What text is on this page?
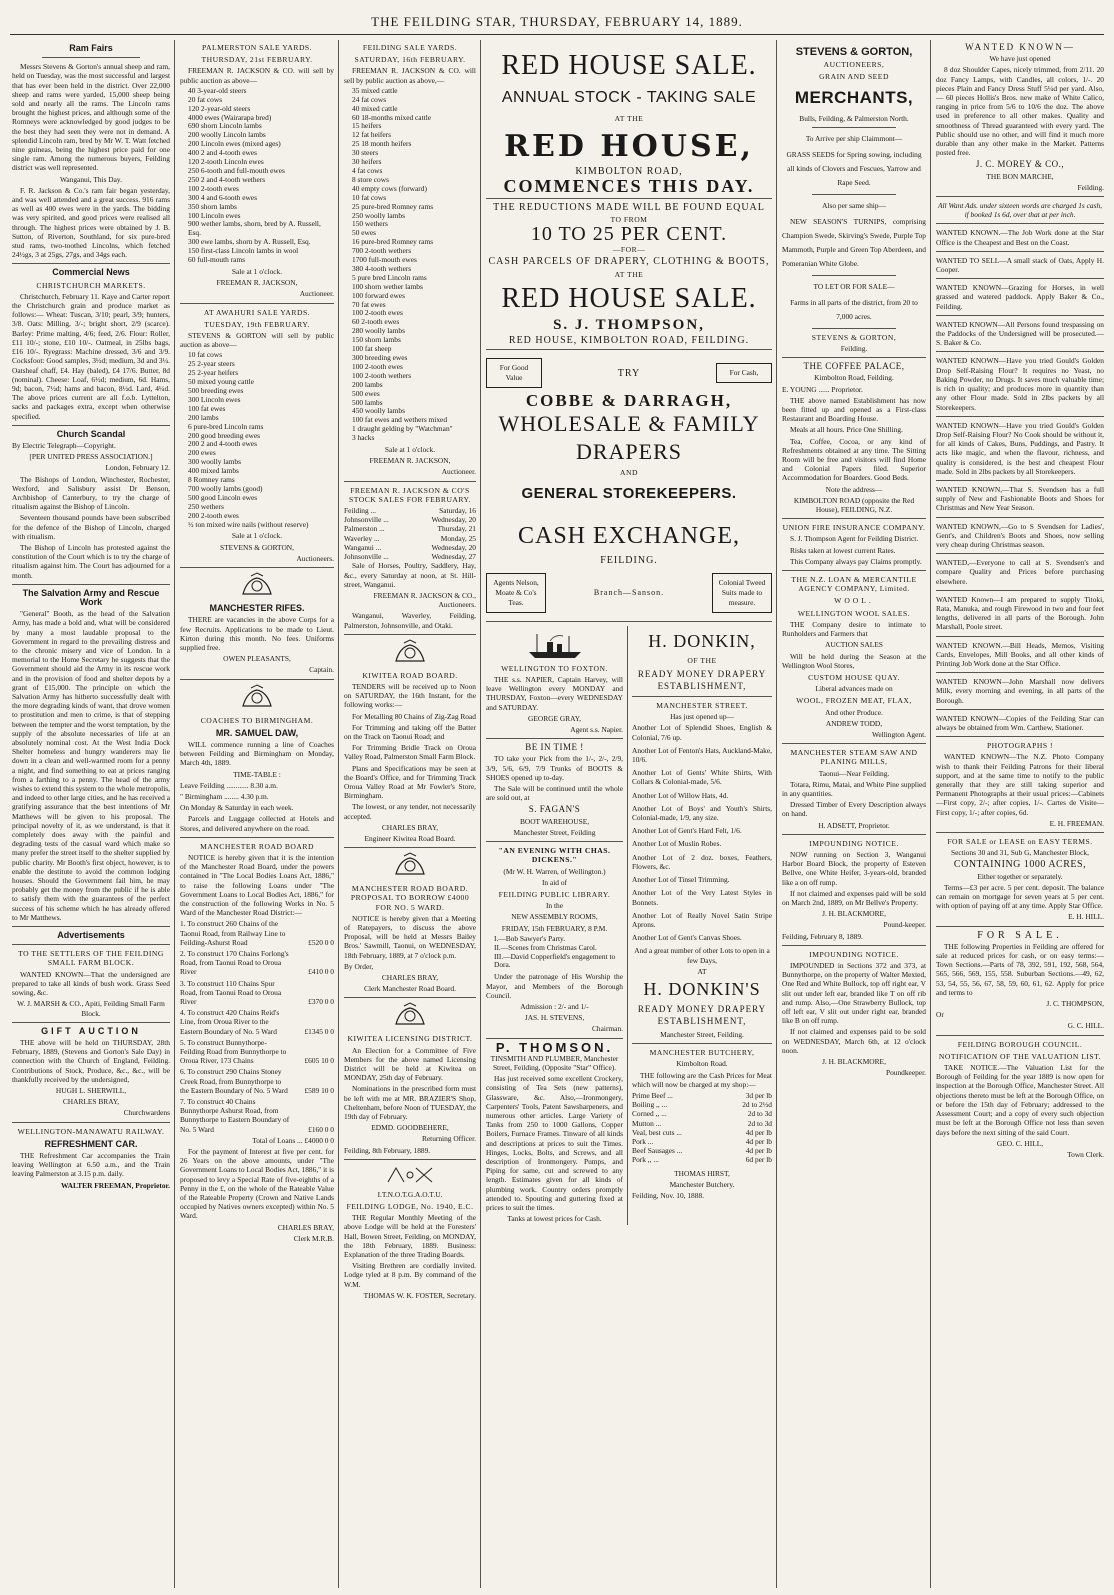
THE FEILDING STAR, THURSDAY, FEBRUARY 14, 1889.
Ram Fairs

Messrs Stevens & Gorton's annual sheep and ram, held on Tuesday, was the most successful and largest that has ever been held in the district. Over 22,000 sheep and rams were yarded, 15,000 sheep being sold and nearly all the rams. The Lincoln rams brought the highest prices, and although some of the Romneys were acknowledged by good judges to be the best they had seen they were not in demand. A splendid Lincoln ram, bred by Mr W. T. Watt fetched nine guineas, being the highest price paid for one single ram. Among the numerous buyers, Feilding district was well represented.

Wanganui, This Day.

F. R. Jackson & Co.'s ram fair began yesterday, and was well attended and a great success. 916 rams as well as 400 ewes were in the yards. The bidding was very spirited, and good prices were realised all through. The highest prices were obtained by J. B. Sutton, of Riverton, Southland, for six pure-bred stud rams, two-toothed Lincolns, which fetched 24½gs, 3 at 25gs, 27gs, and 34gs each.

Commercial News
CHRISTCHURCH MARKETS.

Christchurch, February 11. Kaye and Carter report the Christchurch grain and produce market as follows:— Wheat: Tuscan, 3/10; pearl, 3/9; hunters, 3/8. Oats: Milling, 3/-; bright short, 2/9 (scarce). Barley: Prime malting, 4/6; feed, 2/6. Flour: Roller, £11 10/-; stone, £10 10/-. Oatmeal, in 25lbs bags, £16 10/-. Ryegrass: Machine dressed, 3/6 and 3/9. Cocksfoot: Good samples, 3½d; medium, 3d and 3¼. Oatsheaf chaff, £4. Hay (baled), £4 17/6. Butter, 8d (nominal). Cheese: Loaf, 6½d; medium, 6d. Hams, 9d; bacon, 7½d; hams and bacon, 8½d. Lard, 4¼d. The above prices current are all f.o.b. Lyttelton, sacks and packages extra, except when otherwise specified.

Church Scandal

By Electric Telegraph—Copyright.

[PER UNITED PRESS ASSOCIATION.]

London, February 12.

The Bishops of London, Winchester, Rochester, Wexford, and Salisbury assist Dr Benson, Archbishop of Canterbury, to try the charge of ritualism against the Bishop of Lincoln.

Seventeen thousand pounds have been subscribed for the defence of the Bishop of Lincoln, charged with ritualism.

The Bishop of Lincoln has protested against the constitution of the Court which is to try the charge of ritualism against him. The Court has adjourned for a month.

The Salvation Army and Rescue Work

"General" Booth, as the head of the Salvation Army, has made a bold and, what will be considered by many a most laudable proposal to the Government in regard to the prevailing distress and to the chronic misery and vice of London. In a memorial to the Home Secretary he suggests that the Government should aid the Army in its rescue work and in the provision of food and shelter depots by a grant of £15,000. The principle on which the Salvation Army has hitherto successfully dealt with the more degrading kinds of want, that drove women to prostitution and men to crime, is that of stepping between the tempter and the worst temptation, by the supply of the absolute necessaries of life at an absolutely nominal cost. At the West India Dock Shelter homeless and hungry wanderers may lie down in a clean and well-warmed room for a penny a night, and find something to eat at prices ranging from a farthing to a penny. The head of the army wishes to extend this system to the whole metropolis, and indeed to other large cities, and he has received a gratifying assurance that the best intentions of Mr Matthews will be given to his proposal. The principal novelty of it, as we understand, is that it completely does away with the painful and degrading tests of the casual ward which make so many prefer the street itself to the shelter supplied by public charity. Mr Booth's first object, however, is to enable the destitute to avoid the common lodging houses. Should the Government fail him, he may probably get the money from the public if he is able to satisfy them with the guarantees of the perfect success of his scheme which he has already offered to Mr Matthews.

Advertisements
TO THE SETTLERS OF THE FEILDING SMALL FARM BLOCK.

WANTED KNOWN—That the undersigned are prepared to take all kinds of bush work. Grass Seed sowing, &c.

W. J. MARSH & CO., Apiti, Feilding Small Farm Block.

GIFT AUCTION

THE above will be held on THURSDAY, 28th February, 1889, (Stevens and Gorton's Sale Day) in connection with the Church of England, Feilding. Contributions of Stock, Produce, &c., &c., will be thankfully received by the undersigned,

HUGH L. SHERWILL,

CHARLES BRAY,

Churchwardens

WELLINGTON-MANAWATU RAILWAY.
REFRESHMENT CAR.

THE Refreshment Car accompanies the Train leaving Wellington at 6.50 a.m., and the Train leaving Palmerston at 3.15 p.m. daily.

WALTER FREEMAN, Proprietor.

PALMERSTON SALE YARDS.
THURSDAY, 21st FEBRUARY.

FREEMAN R. JACKSON & CO. will sell by public auction as above—

40 3-year-old steers
20 fat cows
120 2-year-old steers
4000 ewes (Wairarapa bred)
690 shorn Lincoln lambs
200 woolly Lincoln lambs
200 Lincoln ewes (mixed ages)
400 2 and 4-tooth ewes
120 2-tooth Lincoln ewes
250 6-tooth and full-mouth ewes
250 2 and 4-tooth wethers
100 2-tooth ewes
300 4 and 6-tooth ewes
350 shorn lambs
100 Lincoln ewes
900 wether lambs, shorn, bred by A. Russell, Esq.
300 ewe lambs, shorn by A. Russell, Esq.
150 first-class Lincoln lambs in wool
60 full-mouth rams

Sale at 1 o'clock.

FREEMAN R. JACKSON,

Auctioneer.

AT AWAHURI SALE YARDS.
TUESDAY, 19th FEBRUARY.

STEVENS & GORTON will sell by public auction as above—

10 fat cows
25 2-year steers
25 2-year heifers
50 mixed young cattle
500 breeding ewes
300 Lincoln ewes
100 fat ewes
200 lambs
6 pure-bred Lincoln rams
200 good breeding ewes
200 2 and 4-tooth ewes
200 ewes
300 woolly lambs
400 mixed lambs
8 Romney rams
700 woolly lambs (good)
500 good Lincoln ewes
250 wethers
200 2-tooth ewes
½ ton mixed wire nails (without reserve)

Sale at 1 o'clock.

STEVENS & GORTON,

Auctioneers.

MANCHESTER RIFES.

THERE are vacancies in the above Corps for a few Recruits. Applications to be made to Lieut. Kirton during this month. No fees. Uniforms supplied free.

OWEN PLEASANTS,

Captain.

COACHES TO BIRMINGHAM.
MR. SAMUEL DAW,

WILL commence running a line of Coaches between Feilding and Birmingham on Monday, March 4th, 1889.

TIME-TABLE :

Leave Feilding ............ 8.30 a.m.

" Birmingham ........ 4.30 p.m.

On Monday & Saturday in each week.

Parcels and Luggage collected at Hotels and Stores, and delivered anywhere on the road.

MANCHESTER ROAD BOARD

NOTICE is hereby given that it is the intention of the Manchester Road Board, under the powers contained in "The Local Bodies Loans Act, 1886," to raise the following Loans under "The Government Loans to Local Bodies Act, 1886," for the construction of the following Works in No. 5 Ward of the Manchester Road District:—

1. To construct 260 Chains of the Taonui Road, from Railway Line to Feilding-Ashurst Road	£520 0 0
2. To construct 170 Chains Forlong's Road, from Taonui Road to Oroua River	£410 0 0
3. To construct 110 Chains Spur Road, from Taonui Road to Oroua River	£370 0 0
4. To construct 420 Chains Reid's Line, from Oroua River to the Eastern Boundary of No. 5 Ward	£1345 0 0
5. To construct Bunnythorpe-Feilding Road from Bunnythorpe to Oroua River, 173 Chains	£605 10 0
6. To construct 290 Chains Stoney Creek Road, from Bunnythorpe to the Eastern Boundary of No. 5 Ward £589 10 0
7. To construct 40 Chains Bunnythorpe Ashurst Road, from Bunnythorpe to Eastern Boundary of No. 5 Ward	£160 0 0

Total of Loans ... £4000 0 0

For the payment of Interest at five per cent. for 26 Years on the above amounts, under "The Government Loans to Local Bodies Act, 1886," it is proposed to levy a Special Rate of five-eighths of a Penny in the £, on the whole of the Rateable Value of the Rateable Property (Crown and Native Lands occupied by Natives owners excepted) within No. 5 Ward.

CHARLES BRAY,

Clerk M.R.B.

FEILDING SALE YARDS.
SATURDAY, 16th FEBRUARY.

FREEMAN R. JACKSON & CO. will sell by public auction as above,—

35 mixed cattle
24 fat cows
40 mixed cattle
60 18-months mixed cattle
15 heifers
12 fat heifers
25 18 month heifers
30 steers
30 heifers
4 fat cows
8 store cows
40 empty cows (forward)
10 fat cows
25 pure-bred Romney rams
250 woolly lambs
150 wethers
50 ewes
16 pure-bred Romney rams
700 2-tooth wethers
1700 full-mouth ewes
380 4-tooth wethers
5 pure bred Lincoln rams
100 shorn wether lambs
100 forward ewes
70 fat ewes
100 2-tooth ewes
60 2-tooth ewes
280 woolly lambs
150 shorn lambs
100 fat sheep
300 breeding ewes
100 2-tooth ewes
100 2-tooth wethers
200 lambs
500 ewes
500 lambs
450 woolly lambs
100 fat ewes and wethers mixed
1 draught gelding by "Watchman"
3 hacks

Sale at 1 o'clock.

FREEMAN R. JACKSON,

Auctioneer.

FREEMAN R. JACKSON & CO'S STOCK SALES FOR FEBRUARY.
Feilding ...	Saturday, 16
Johnsonville ...	Wednesday, 20
Palmerston ...	Thursday, 21
Waverley ...	Monday, 25
Wanganui ...	Wednesday, 20
Johnsonville ...	Wednesday, 27

Sale of Horses, Poultry, Saddlery, Hay, &c., every Saturday at noon, at St. Hill-street, Wanganui.

FREEMAN R. JACKSON & CO., Auctioneers.

Wanganui, Waverley, Feilding, Palmerston, Johnsonville, and Otaki.

KIWITEA ROAD BOARD.

TENDERS will be received up to Noon on SATURDAY, the 16th Instant, for the following works:—

For Metalling 80 Chains of Zig-Zag Road

For Trimming and taking off the Batter on the Track on Taonui Road; and

For Trimming Bridle Track on Oroua Valley Road, Palmerston Small Farm Block.

Plans and Specifications may be seen at the Board's Office, and for Trimming Track Oroua Valley Road at Mr Fowler's Store, Birmingham.

The lowest, or any tender, not necessarily accepted.

CHARLES BRAY,

Engineer Kiwitea Road Board.

MANCHESTER ROAD BOARD. PROPOSAL TO BORROW £4000 FOR NO. 5 WARD.

NOTICE is hereby given that a Meeting of Ratepayers, to discuss the above Proposal, will be held at Messrs Bailey Bros.' Sawmill, Taonui, on WEDNESDAY, 18th February, 1889, at 7 o'clock p.m.

By Order,

CHARLES BRAY,

Clerk Manchester Road Board.

KIWITEA LICENSING DISTRICT.

An Election for a Committee of Five Members for the above named Licensing District will be held at Kiwitea on MONDAY, 25th day of February.

Nominations in the prescribed form must be left with me at MR. BRAZIER'S Shop, Cheltenham, before Noon of TUESDAY, the 19th day of February.

EDMD. GOODBEHERE,

Returning Officer.

Feilding, 8th February, 1889.

I.T.N.O.T.G.A.O.T.U.

FEILDING LODGE, No. 1940, E.C.

THE Regular Monthly Meeting of the above Lodge will be held at the Foresters' Hall, Bowen Street, Feilding, on MONDAY, the 18th February, 1889. Business: Explanation of the three Trading Boards.

Visiting Brethren are cordially invited. Lodge tyled at 8 p.m. By command of the W.M.

THOMAS W. K. FOSTER, Secretary.

RED HOUSE SALE.
ANNUAL STOCK - TAKING SALE
AT THE
RED HOUSE,
KIMBOLTON ROAD,
COMMENCES THIS DAY.
THE REDUCTIONS MADE WILL BE FOUND EQUAL
TO FROM
10 TO 25 PER CENT.
—FOR—
CASH PARCELS OF DRAPERY, CLOTHING & BOOTS,
AT THE
RED HOUSE SALE.
S. J. THOMPSON,
RED HOUSE, KIMBOLTON ROAD, FEILDING.
For Good Value	TRY	For Cash,
COBBE & DARRAGH,
WHOLESALE & FAMILY
DRAPERS
AND
GENERAL STOREKEEPERS.
CASH EXCHANGE,
FEILDING.
Agents Nelson, Moate & Co's Teas.
Branch—Sanson.
Colonial Tweed Suits made to measure.
WELLINGTON TO FOXTON.

THE s.s. NAPIER, Captain Harvey, will leave Wellington every MONDAY and THURSDAY, Foxton—every WEDNESDAY and SATURDAY.

GEORGE GRAY,

Agent s.s. Napier.

BE IN TIME !

TO take your Pick from the 1/-, 2/-, 2/9, 3/9, 5/6, 6/9, 7/9 Trunks of BOOTS & SHOES opened up to-day.

The Sale will be continued until the whole are sold out, at

S. FAGAN'S

BOOT WAREHOUSE,

Manchester Street, Feilding

"AN EVENING WITH CHAS. DICKENS."

(Mr W. H. Warren, of Wellington.)

In aid of

FEILDING PUBLIC LIBRARY.

In the

NEW ASSEMBLY ROOMS,

FRIDAY, 15th FEBRUARY, 8 P.M.

I.—Bob Sawyer's Party.
II.—Scenes from Christmas Carol.
III.—David Copperfield's engagement to Dora.

Under the patronage of His Worship the Mayor, and Members of the Borough Council.

Admission : 2/- and 1/-

JAS. H. STEVENS,

Chairman.

P. THOMSON.

TINSMITH AND PLUMBER, Manchester Street, Feilding, (Opposite "Star" Office).

Has just received some excellent Crockery, consisting of Tea Sets (new patterns), Glassware, &c. Also,—Ironmongery, Carpenters' Tools, Patent Sawsharpeners, and numerous other articles. Large Variety of Tanks from 250 to 1000 Gallons, Copper Boilers, Furnace Frames. Tinware of all kinds and descriptions at prices to suit the Times. Hinges, Locks, Bolts, and Screws, and all description of Ironmongery. Pumps, and Piping for same, cut and screwed to any length. Estimates given for all kinds of plumbing work. Country orders promptly attended to. Spouting and guttering fixed at prices to suit the times.

Tanks at lowest prices for Cash.

H. DONKIN,
OF THE
READY MONEY DRAPERY ESTABLISHMENT,
MANCHESTER STREET.

Has just opened up—

Another Lot of Splendid Shoes, English & Colonial, 7/6 up.

Another Lot of Fenton's Hats, Auckland-Make, 10/6.

Another Lot of Gents' White Shirts, With Collars & Colonial-made, 5/6.

Another Lot of Willow Hats, 4d.

Another Lot of Boys' and Youth's Shirts, Colonial-made, 1/9, any size.

Another Lot of Gent's Hard Felt, 1/6.

Another Lot of Muslin Robes.

Another Lot of 2 doz. boxes, Feathers, Flowers, &c.

Another Lot of Tinsel Trimming.

Another Lot of the Very Latest Styles in Bonnets.

Another Lot of Really Novel Satin Stripe Aprons.

Another Lot of Gent's Canvas Shoes.

And a great number of other Lots to open in a few Days,

AT

H. DONKIN'S
READY MONEY DRAPERY ESTABLISHMENT,

Manchester Street, Feilding.

MANCHESTER BUTCHERY,

Kimbolton Road.

THE following are the Cash Prices for Meat which will now be charged at my shop:—

Prime Beef ...	3d per lb
Boiling ,, ...	2d to 2½d
Corned ,, ...	2d to 3d
Mutton ...	2d to 3d
Veal, best cuts ...	4d per lb
Pork ...	4d per lb
Beef Sausages ...	4d per lb
Pork ,, ...	6d per lb

THOMAS HIRST,

Manchester Butchery.

Feilding, Nov. 10, 1888.

STEVENS & GORTON,
AUCTIONEERS,
GRAIN AND SEED
MERCHANTS,

Bulls, Feilding, & Palmerston North.

To Arrive per ship Claimmont—

GRASS SEEDS for Spring sowing, including all kinds of Clovers and Fescues, Yarrow and Rape Seed.

Also per same ship—

NEW SEASON'S TURNIPS, comprising Champion Swede, Skirving's Swede, Purple Top Mammoth, Purple and Green Top Aberdeen, and Pomeranian White Globe.

TO LET OR FOR SALE—

Farms in all parts of the district, from 20 to 7,000 acres.

STEVENS & GORTON,

Feilding.

THE COFFEE PALACE,

Kimbolton Road, Feilding.

E. YOUNG ...... Proprietor.

THE above named Establishment has now been fitted up and opened as a First-class Restaurant and Boarding House.

Meals at all hours. Price One Shilling.

Tea, Coffee, Cocoa, or any kind of Refreshments obtained at any time. The Sitting Room will be free and visitors will find Home and Colonial Papers filed. Superior Accommodation for Boarders. Good Beds.

Note the address—

KIMBOLTON ROAD (opposite the Red House), FEILDING, N.Z.

UNION FIRE INSURANCE COMPANY.

S. J. Thompson Agent for Feilding District.

Risks taken at lowest current Rates.

This Company always pay Claims promptly.

THE N.Z. LOAN & MERCANTILE AGENCY COMPANY, Limited.
WOOL.
WELLINGTON WOOL SALES.

THE Company desire to intimate to Runholders and Farmers that

AUCTION SALES

Will be held during the Season at the Wellington Wool Stores,

CUSTOM HOUSE QUAY.

Liberal advances made on

WOOL, FROZEN MEAT, FLAX,

And other Produce.

ANDREW TODD,

Wellington Agent.

MANCHESTER STEAM SAW AND PLANING MILLS,

Taonui—Near Feilding.

Totara, Rimu, Matai, and White Pine supplied in any quantities.

Dressed Timber of Every Description always on hand.

H. ADSETT, Proprietor.

IMPOUNDING NOTICE.

NOW running on Section 3, Wanganui Harbor Board Block, the property of Esteven Bellve, one White Heifer, 3-years-old, branded like a on off rump.

If not claimed and expenses paid will be sold on March 2nd, 1889, on Mr Bellve's Property.

J. H. BLACKMORE,

Pound-keeper.

Feilding, February 8, 1889.

IMPOUNDING NOTICE.

IMPOUNDED in Sections 372 and 373, at Bunnythorpe, on the property of Walter Mexted, One Red and White Bullock, top off right ear, V slit out under left ear, branded like T on off rib and rump. Also,—One Strawberry Bullock, top off left ear, V slit out under right ear, branded like B on off rump.

If not claimed and expenses paid to be sold on WEDNESDAY, March 6th, at 12 o'clock noon.

J. H. BLACKMORE,

Poundkeeper.

WANTED KNOWN—

We have just opened

8 doz Shoulder Capes, nicely trimmed, from 2/11. 20 doz Fancy Lamps, with Candles, all colors, 1/-. 20 pieces Plain and Fancy Dress Stuff 5¼d per yard. Also,— 60 pieces Hollis's Bros. new make of White Calico, ranging in price from 5/6 to 10/6 the doz. The above used in preference to all other makes. Quality and smoothness of Thread guaranteed with every yard. The Public should use no other, and will find it much more durable than any other make in the Market. Patterns posted free.

J. C. MOREY & CO.,

THE BON MARCHE,

Feilding.

All Want Ads. under sixteen words are charged 1s cash, if booked 1s 6d, over that at per inch.

WANTED KNOWN.—The Job Work done at the Star Office is the Cheapest and Best on the Coast.

WANTED TO SELL—A small stack of Oats, Apply H. Cooper.

WANTED KNOWN—Grazing for Horses, in well grassed and watered paddock. Apply Baker & Co., Feilding.

WANTED KNOWN—All Persons found trespassing on the Paddocks of the Undersigned will be prosecuted.—S. Baker & Co.

WANTED KNOWN—Have you tried Gould's Golden Drop Self-Raising Flour? It requires no Yeast, no Baking Powder, no Drugs. It saves much valuable time; is rich in quality; and produces more in quantity than any other Flour made. Sold in 2lbs packets by all Storekeepers.

WANTED KNOWN—Have you tried Gould's Golden Drop Self-Raising Flour? No Cook should be without it, for all kinds of Cakes, Buns, Puddings, and Pastry. It acts like magic, and when the flavour, richness, and quality is considered, is the best and cheapest Flour made. Sold in 2lbs packets by all Storekeepers.

WANTED KNOWN,—That S. Svendsen has a full supply of New and Fashionable Boots and Shoes for Christmas and New Year Season.

WANTED KNOWN,—Go to S Svendsen for Ladies', Gent's, and Children's Boots and Shoes, now selling very cheap during Christmas season.

WANTED,—Everyone to call at S. Svendsen's and compare Quality and Prices before purchasing elsewhere.

WANTED Known—I am prepared to supply Titoki, Rata, Manuka, and rough Firewood in two and four feet lengths, delivered in all parts of the Borough. John Marshall, Poole street.

WANTED KNOWN.—Bill Heads, Memos, Visiting Cards, Envelopes, Mill Books, and all other kinds of Printing Job Work done at the Star Office.

WANTED KNOWN—John Marshall now delivers Milk, every morning and evening, in all parts of the Borough.

WANTED KNOWN—Copies of the Feilding Star can always be obtained from Wm. Carthew, Stationer.

PHOTOGRAPHS !

WANTED KNOWN—The N.Z. Photo Company wish to thank their Feilding Patrons for their liberal support, and at the same time to notify to the public generally that they are still taking superior and Permanent Photographs at their usual prices:—Cabinets—First copy, 2/-; after copies, 1/-. Cartes de Visite—First copy, 1/-; after copies, 6d.

E. H. FREEMAN.

FOR SALE or LEASE on EASY TERMS.

Sections 30 and 31, Sub G, Manchester Block,

CONTAINING 1000 ACRES,

Either together or separately.

Terms—£3 per acre. 5 per cent. deposit. The balance can remain on mortgage for seven years at 5 per cent. with option of paying off at any time. Apply Star Office.

E. H. HILL.

FOR SALE.

THE following Properties in Feilding are offered for sale at reduced prices for cash, or on easy terms:— Town Sections.—Parts of 78, 392, 591, 192, 568, 564, 565, 566, 569, 155, 558. Suburban Sections.—49, 62, 53, 54, 55, 56, 67, 58, 59, 60, 61, 62. Apply for price and terms to

J. C. THOMPSON,

Or

G. C. HILL.

FEILDING BOROUGH COUNCIL.
NOTIFICATION OF THE VALUATION LIST.

TAKE NOTICE.—The Valuation List for the Borough of Feilding for the year 1889 is now open for inspection at the Borough Office, Manchester Street. All objections thereto must be left at the Borough Office, on or before the 15th day of February; addressed to the Assessment Court; and a copy of every such objection must be left at the Borough Office not less than seven days before the next sitting of the said Court.

GEO. C. HILL,

Town Clerk.
